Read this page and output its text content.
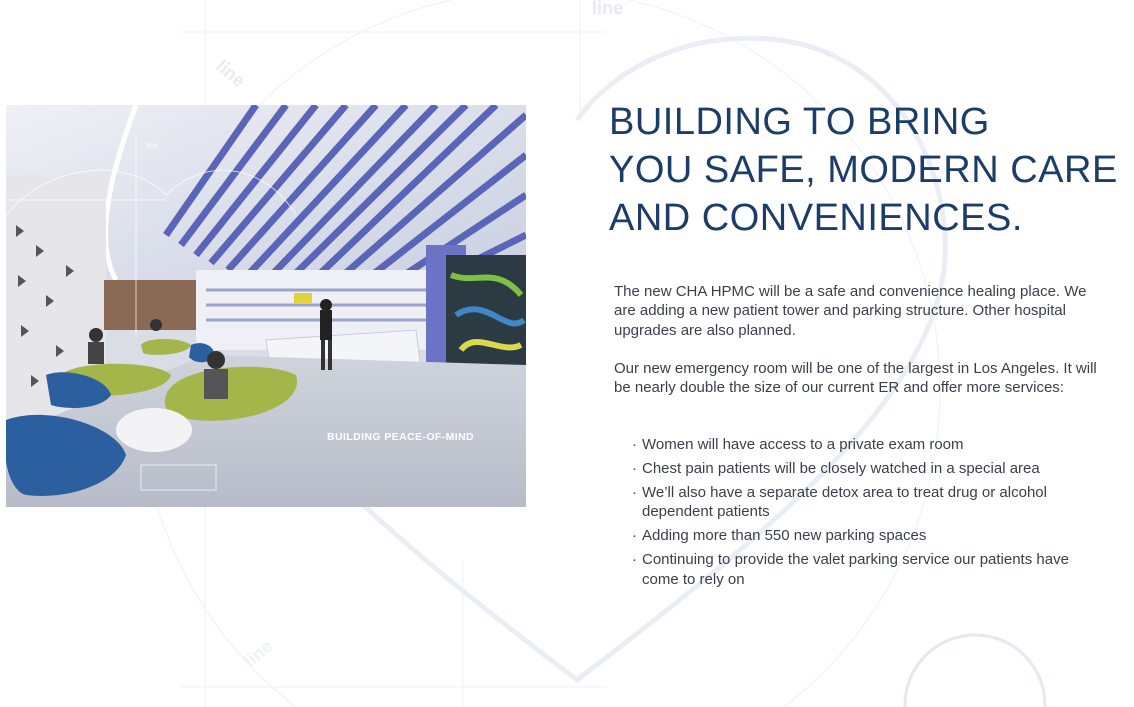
line
line
line
line
BUILDING PEACE-OF-MIND
BUILDING TO BRING
YOU SAFE, MODERN CARE
AND CONVENIENCES.

The new CHA HPMC will be a safe and convenience healing place. We are adding a new patient tower and parking structure. Other hospital upgrades are also planned.

Our new emergency room will be one of the largest in Los Angeles. It will be nearly double the size of our current ER and offer more services:

· Women will have access to a private exam room
· Chest pain patients will be closely watched in a special area
· We’ll also have a separate detox area to treat drug or alcohol dependent patients
· Adding more than 550 new parking spaces
· Continuing to provide the valet parking service our patients have come to rely on
